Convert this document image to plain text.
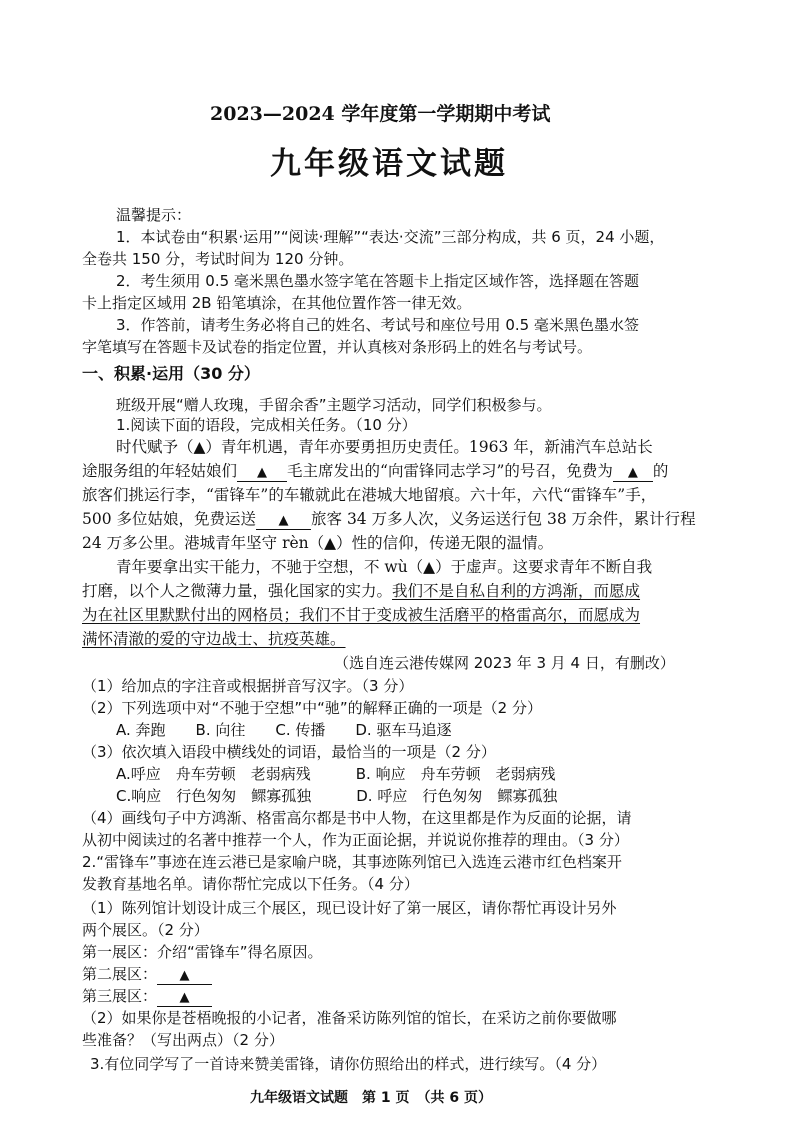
2023—2024 学年度第一学期期中考试
九年级语文试题
温馨提示：
1．本试卷由“积累·运用”“阅读·理解”“表达·交流”三部分构成，共 6 页，24 小题，
全卷共 150 分，考试时间为 120 分钟。
2．考生须用 0.5 毫米黑色墨水签字笔在答题卡上指定区域作答，选择题在答题
卡上指定区域用 2B 铅笔填涂，在其他位置作答一律无效。
3．作答前，请考生务必将自己的姓名、考试号和座位号用 0.5 毫米黑色墨水签
字笔填写在答题卡及试卷的指定位置，并认真核对条形码上的姓名与考试号。
一、积累·运用（30 分）
班级开展“赠人玫瑰，手留余香”主题学习活动，同学们积极参与。
1.阅读下面的语段，完成相关任务。（10 分）
时代赋予（▲）青年机遇，青年亦要勇担历史责任。1963 年，新浦汽车总站长
途服务组的年轻姑娘们 ▲ 毛主席发出的“向雷锋同志学习”的号召，免费为 ▲ 的
旅客们挑运行李，“雷锋车”的车辙就此在港城大地留痕。六十年，六代“雷锋车”手，
500 多位姑娘，免费运送 ▲ 旅客 34 万多人次，义务运送行包 38 万余件，累计行程
24 万多公里。港城青年坚守 rèn（▲）性的信仰，传递无限的温情。
青年要拿出实干能力，不驰于空想，不 wù（▲）于虚声。这要求青年不断自我
打磨，以个人之微薄力量，强化国家的实力。我们不是自私自利的方鸿渐，而愿成
为在社区里默默付出的网格员；我们不甘于变成被生活磨平的格雷高尔，而愿成为
满怀清澈的爱的守边战士、抗疫英雄。
（选自连云港传媒网 2023 年 3 月 4 日，有删改）
（1）给加点的字注音或根据拼音写汉字。（3 分）
（2）下列选项中对“不驰于空想”中“驰”的解释正确的一项是（2 分）
A. 奔跑　　B. 向往　　C. 传播　　D. 驱车马追逐
（3）依次填入语段中横线处的词语，最恰当的一项是（2 分）
A.呼应　舟车劳顿　老弱病残　　　B. 响应　舟车劳顿　老弱病残
C.响应　行色匆匆　鳏寡孤独　　　D. 呼应　行色匆匆　鳏寡孤独
（4）画线句子中方鸿渐、格雷高尔都是书中人物，在这里都是作为反面的论据，请
从初中阅读过的名著中推荐一个人，作为正面论据，并说说你推荐的理由。（3 分）
2.“雷锋车”事迹在连云港已是家喻户晓，其事迹陈列馆已入选连云港市红色档案开
发教育基地名单。请你帮忙完成以下任务。（4 分）
（1）陈列馆计划设计成三个展区，现已设计好了第一展区，请你帮忙再设计另外
两个展区。（2 分）
第一展区：介绍“雷锋车”得名原因。
第二展区： ▲
第三展区： ▲
（2）如果你是苍梧晚报的小记者，准备采访陈列馆的馆长，在采访之前你要做哪
些准备？（写出两点）（2 分）
3.有位同学写了一首诗来赞美雷锋，请你仿照给出的样式，进行续写。（4 分）
九年级语文试题　第 1 页　（共 6 页）
